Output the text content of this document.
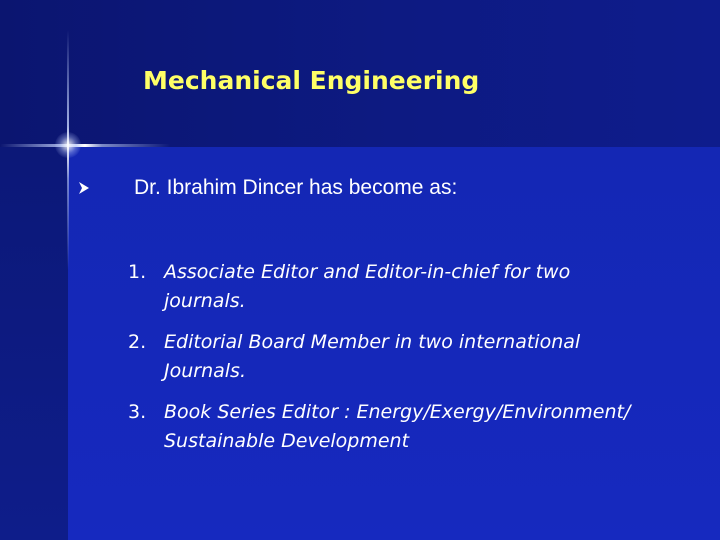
Mechanical Engineering
Dr. Ibrahim Dincer has become as:
1. Associate Editor and Editor-in-chief for two
journals.
2. Editorial Board Member in two international
Journals.
3. Book Series Editor : Energy/Exergy/Environment/
Sustainable Development
